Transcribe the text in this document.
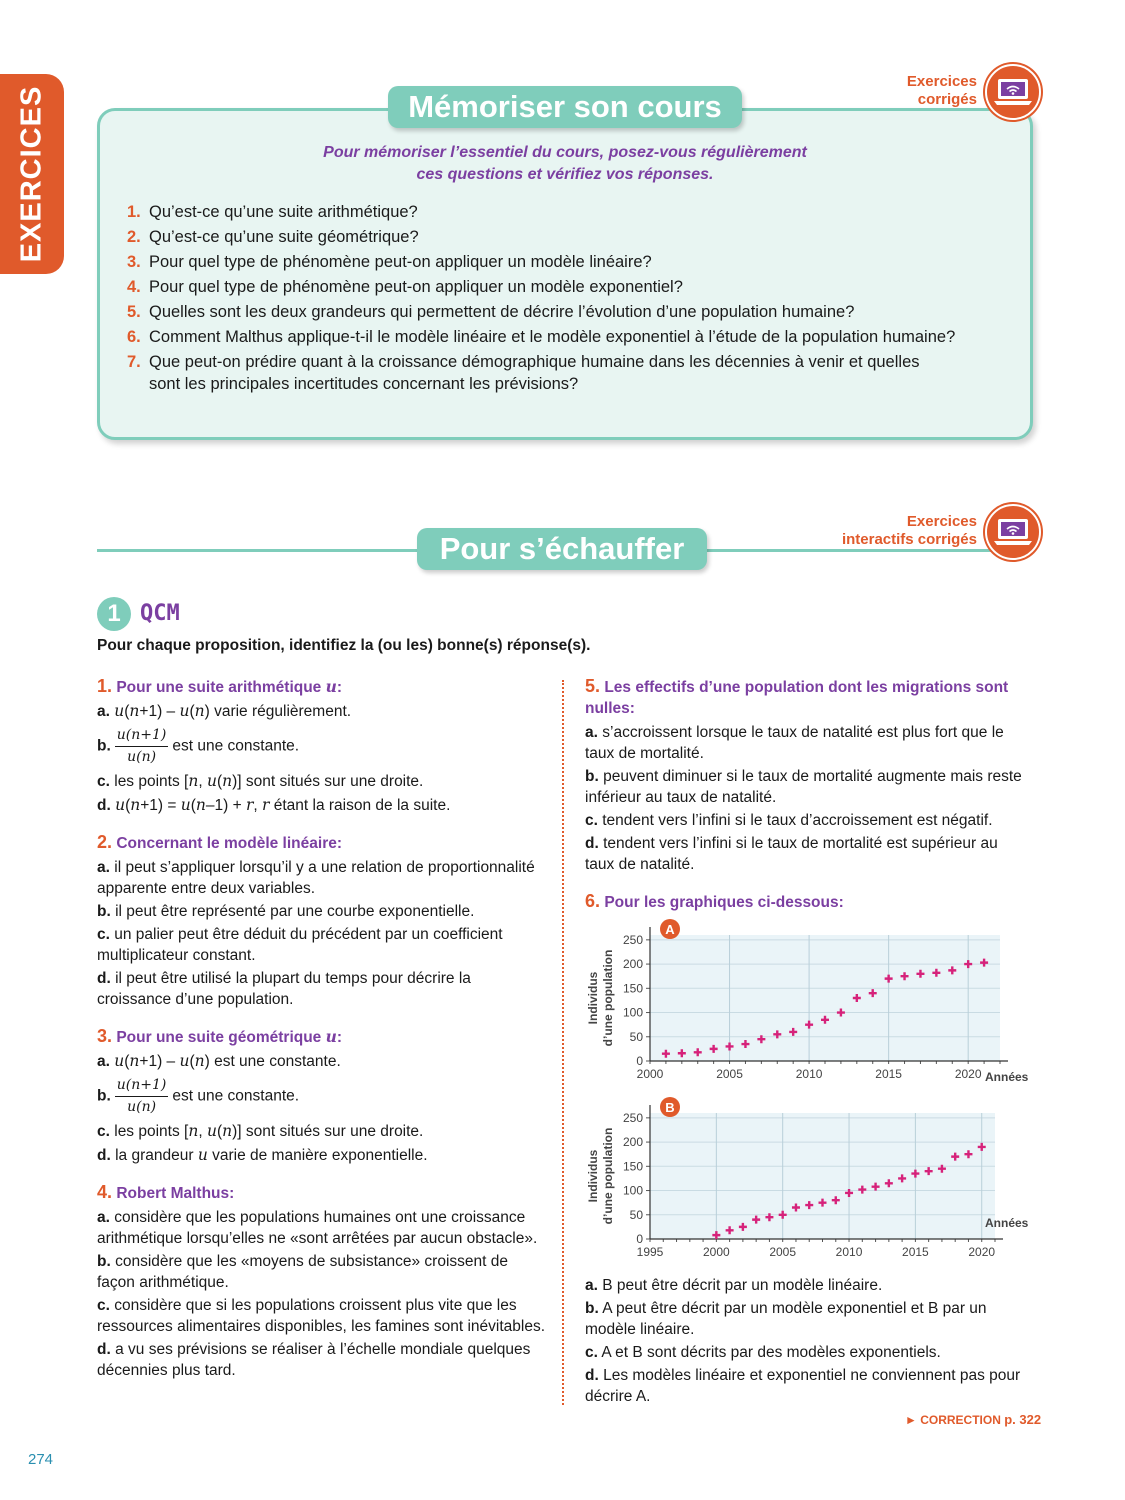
EXERCICES	Mémoriser son cours
Exercices
corrigés
Pour mémoriser l’essentiel du cours, posez-vous régulièrement
ces questions et vérifiez vos réponses.
1. Qu’est-ce qu’une suite arithmétique?
2. Qu’est-ce qu’une suite géométrique?
3. Pour quel type de phénomène peut-on appliquer un modèle linéaire?
4. Pour quel type de phénomène peut-on appliquer un modèle exponentiel?
5. Quelles sont les deux grandeurs qui permettent de décrire l’évolution d’une population humaine?
6. Comment Malthus applique-t-il le modèle linéaire et le modèle exponentiel à l’étude de la population humaine?
7. Que peut-on prédire quant à la croissance démographique humaine dans les décennies à venir et quelles sont les principales incertitudes concernant les prévisions?
Pour s’échauffer
Exercices
interactifs corrigés
1 QCM
Pour chaque proposition, identifiez la (ou les) bonne(s) réponse(s).
1. Pour une suite arithmétique u:
a. u(n+1) – u(n) varie régulièrement.
b. $\frac{u(n+1)}{u(n)}$ est une constante.
c. les points [n, u(n)] sont situés sur une droite.
d. u(n+1) = u(n–1) + r, r étant la raison de la suite.
2. Concernant le modèle linéaire:
a. il peut s’appliquer lorsqu’il y a une relation de proportionnalité apparente entre deux variables.
b. il peut être représenté par une courbe exponentielle.
c. un palier peut être déduit du précédent par un coefficient multiplicateur constant.
d. il peut être utilisé la plupart du temps pour décrire la croissance d’une population.
3. Pour une suite géométrique u:
a. u(n+1) – u(n) est une constante.
b. $\frac{u(n+1)}{u(n)}$ est une constante.
c. les points [n, u(n)] sont situés sur une droite.
d. la grandeur u varie de manière exponentielle.
4. Robert Malthus:
a. considère que les populations humaines ont une croissance arithmétique lorsqu’elles ne «sont arrêtées par aucun obstacle».
b. considère que les «moyens de subsistance» croissent de façon arithmétique.
c. considère que si les populations croissent plus vite que les ressources alimentaires disponibles, les famines sont inévitables.
d. a vu ses prévisions se réaliser à l’échelle mondiale quelques décennies plus tard.
5. Les effectifs d’une population dont les migrations sont nulles:
a. s’accroissent lorsque le taux de natalité est plus fort que le taux de mortalité.
b. peuvent diminuer si le taux de mortalité augmente mais reste inférieur au taux de natalité.
c. tendent vers l’infini si le taux d’accroissement est négatif.
d. tendent vers l’infini si le taux de mortalité est supérieur au taux de natalité.
6. Pour les graphiques ci-dessous:
0
50
100
150
200
250
2000	2005	2010	2015	2020
Individus d’une population
Années
A
0
50
100
150
200
250
1995	2000	2005	2010	2015	2020
Individus d’une population	Années
B
a. B peut être décrit par un modèle linéaire.
b. A peut être décrit par un modèle exponentiel et B par un modèle linéaire.
c. A et B sont décrits par des modèles exponentiels.
d. Les modèles linéaire et exponentiel ne conviennent pas pour décrire A.
► CORRECTION p. 322
274
